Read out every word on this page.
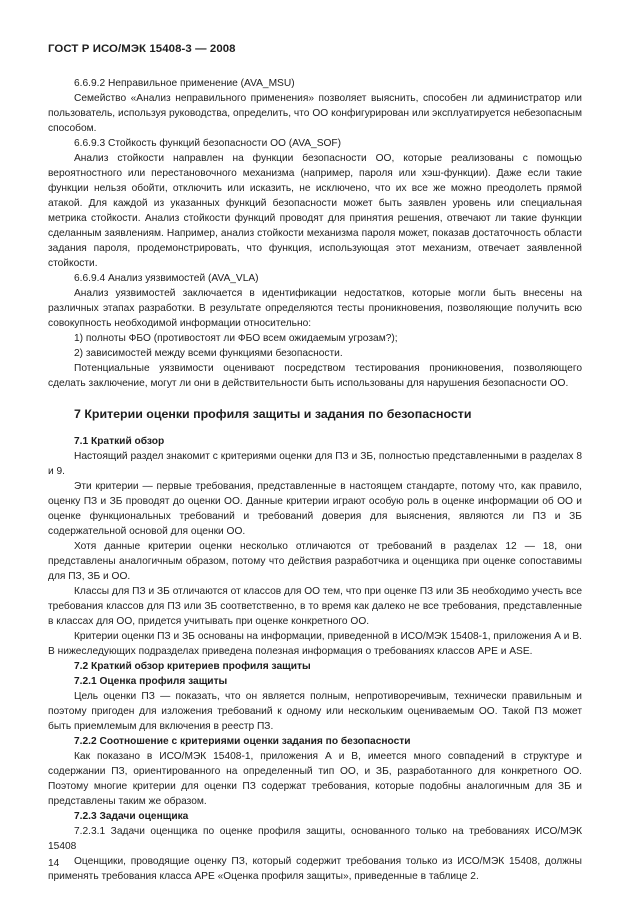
ГОСТ Р ИСО/МЭК 15408-3 — 2008

6.6.9.2 Неправильное применение (AVA_MSU)

Семейство «Анализ неправильного применения» позволяет выяснить, способен ли администратор или пользователь, используя руководства, определить, что ОО конфигурирован или эксплуатируется небезопасным способом.

6.6.9.3 Стойкость функций безопасности ОО (AVA_SOF)

Анализ стойкости направлен на функции безопасности ОО, которые реализованы с помощью вероятностного или перестановочного механизма (например, пароля или хэш-функции). Даже если такие функции нельзя обойти, отключить или исказить, не исключено, что их все же можно преодолеть прямой атакой. Для каждой из указанных функций безопасности может быть заявлен уровень или специальная метрика стойкости. Анализ стойкости функций проводят для принятия решения, отвечают ли такие функции сделанным заявлениям. Например, анализ стойкости механизма пароля может, показав достаточность области задания пароля, продемонстрировать, что функция, использующая этот механизм, отвечает заявленной стойкости.

6.6.9.4 Анализ уязвимостей (AVA_VLA)

Анализ уязвимостей заключается в идентификации недостатков, которые могли быть внесены на различных этапах разработки. В результате определяются тесты проникновения, позволяющие получить всю совокупность необходимой информации относительно:

1) полноты ФБО (противостоят ли ФБО всем ожидаемым угрозам?);

2) зависимостей между всеми функциями безопасности.

Потенциальные уязвимости оценивают посредством тестирования проникновения, позволяющего сделать заключение, могут ли они в действительности быть использованы для нарушения безопасности ОО.

7 Критерии оценки профиля защиты и задания по безопасности
7.1 Краткий обзор

Настоящий раздел знакомит с критериями оценки для ПЗ и ЗБ, полностью представленными в разделах 8 и 9.

Эти критерии — первые требования, представленные в настоящем стандарте, потому что, как правило, оценку ПЗ и ЗБ проводят до оценки ОО. Данные критерии играют особую роль в оценке информации об ОО и оценке функциональных требований и требований доверия для выяснения, являются ли ПЗ и ЗБ содержательной основой для оценки ОО.

Хотя данные критерии оценки несколько отличаются от требований в разделах 12 — 18, они представлены аналогичным образом, потому что действия разработчика и оценщика при оценке сопоставимы для ПЗ, ЗБ и ОО.

Классы для ПЗ и ЗБ отличаются от классов для ОО тем, что при оценке ПЗ или ЗБ необходимо учесть все требования классов для ПЗ или ЗБ соответственно, в то время как далеко не все требования, представленные в классах для ОО, придется учитывать при оценке конкретного ОО.

Критерии оценки ПЗ и ЗБ основаны на информации, приведенной в ИСО/МЭК 15408-1, приложения А и В. В нижеследующих подразделах приведена полезная информация о требованиях классов АРЕ и ASE.

7.2 Краткий обзор критериев профиля защиты
7.2.1 Оценка профиля защиты

Цель оценки ПЗ — показать, что он является полным, непротиворечивым, технически правильным и поэтому пригоден для изложения требований к одному или нескольким оцениваемым ОО. Такой ПЗ может быть приемлемым для включения в реестр ПЗ.

7.2.2 Соотношение с критериями оценки задания по безопасности

Как показано в ИСО/МЭК 15408-1, приложения А и В, имеется много совпадений в структуре и содержании ПЗ, ориентированного на определенный тип ОО, и ЗБ, разработанного для конкретного ОО. Поэтому многие критерии для оценки ПЗ содержат требования, которые подобны аналогичным для ЗБ и представлены таким же образом.

7.2.3 Задачи оценщика

7.2.3.1 Задачи оценщика по оценке профиля защиты, основанного только на требованиях ИСО/МЭК 15408

Оценщики, проводящие оценку ПЗ, который содержит требования только из ИСО/МЭК 15408, должны применять требования класса АРЕ «Оценка профиля защиты», приведенные в таблице 2.

14
